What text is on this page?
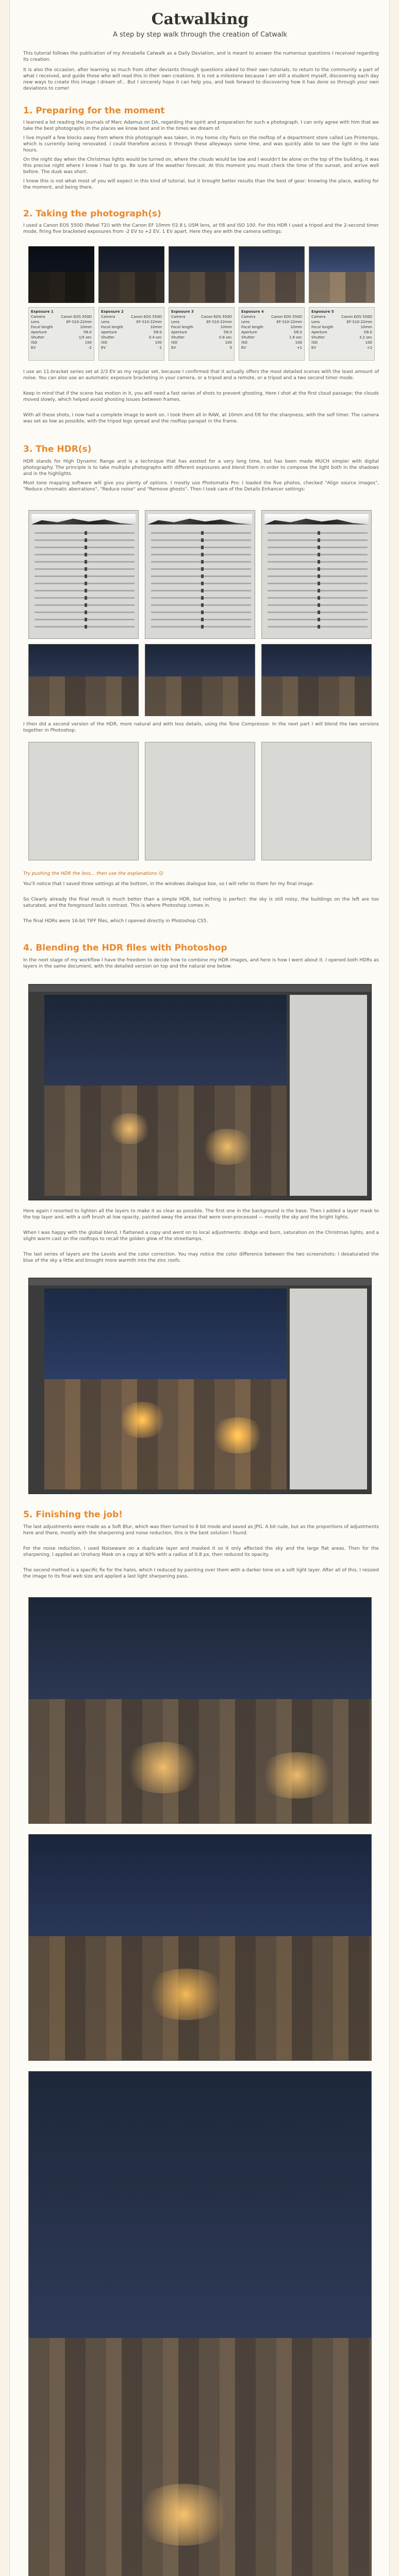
Catwalking
A step by step walk through the creation of Catwalk
This tutorial follows the publication of my Annabelle Catwalk as a Daily Deviation, and is meant to answer the numerous questions I received regarding its creation.
It is also the occasion, after learning so much from other deviants through questions asked to their own tutorials, to return to the community a part of what I received, and guide those who will read this in their own creations. It is not a milestone because I am still a student myself, discovering each day new ways to create this image I dream of... But I sincerely hope it can help you, and look forward to discovering how it has done so through your own deviations to come!
1. Preparing for the moment
I learned a lot reading the journals of Marc Adamus on DA, regarding the spirit and preparation for such a photograph. I can only agree with him that we take the best photographs in the places we know best and in the times we dream of.
I live myself a few blocks away from where this photograph was taken, in my home city Paris on the rooftop of a department store called Les Printemps, which is currently being renovated. I could therefore access it through these alleyways some time, and was quickly able to see the light in the late hours.
On the night day when the Christmas lights would be turned on, where the clouds would be low and I wouldn't be alone on the top of the building, it was this precise night where I knew I had to go. Be sure of the weather forecast. At this moment you must check the time of the sunset, and arrive well before. The dusk was short.
I knew this is not what most of you will expect in this kind of tutorial, but it brought better results than the best of gear: knowing the place, waiting for the moment, and being there.
2. Taking the photograph(s)
I used a Canon EOS 550D (Rebel T2i) with the Canon EF 10mm f/2.8 L USM lens, at f/8 and ISO 100. For this HDR I used a tripod and the 2-second timer mode, firing five bracketed exposures from -2 EV to +2 EV, 1 EV apart. Here they are with the camera settings:
I use an 11-bracket series set at 2/3 EV as my regular set, because I confirmed that it actually offers the most detailed scenes with the least amount of noise. You can also use an automatic exposure bracketing in your camera, or a tripod and a remote, or a tripod and a two second timer mode.
Keep in mind that if the scene has motion in it, you will need a fast series of shots to prevent ghosting. Here I shot at the first cloud passage; the clouds moved slowly, which helped avoid ghosting issues between frames.
With all these shots, I now had a complete image to work on. I took them all in RAW, at 10mm and f/8 for the sharpness, with the self timer. The camera was set as low as possible, with the tripod legs spread and the rooftop parapet in the frame.
3. The HDR(s)
HDR stands for High Dynamic Range and is a technique that has existed for a very long time, but has been made MUCH simpler with digital photography. The principle is to take multiple photographs with different exposures and blend them in order to compose the light both in the shadows and in the highlights.
Most tone mapping software will give you plenty of options. I mostly use Photomatix Pro: I loaded the five photos, checked "Align source images", "Reduce chromatic aberrations", "Reduce noise" and "Remove ghosts". Then I took care of the Details Enhancer settings:
I then did a second version of the HDR, more natural and with less details, using the Tone Compressor. In the next part I will blend the two versions together in Photoshop.
Try pushing the HDR the less... then use the explanations ☺
You'll notice that I saved three settings at the bottom, in the windows dialogue box, so I will refer to them for my final image.
So Clearly already the final result is much better than a simple HDR, but nothing is perfect: the sky is still noisy, the buildings on the left are too saturated, and the foreground lacks contrast. This is where Photoshop comes in.
The final HDRs were 16-bit TIFF files, which I opened directly in Photoshop CS5.
4. Blending the HDR files with Photoshop
In the next stage of my workflow I have the freedom to decide how to combine my HDR images, and here is how I went about it. I opened both HDRs as layers in the same document, with the detailed version on top and the natural one below.
Here again I resorted to lighten all the layers to make it as clear as possible. The first one in the background is the base. Then I added a layer mask to the top layer and, with a soft brush at low opacity, painted away the areas that were over-processed — mostly the sky and the bright lights.
When I was happy with the global blend, I flattened a copy and went on to local adjustments: dodge and burn, saturation on the Christmas lights, and a slight warm cast on the rooftops to recall the golden glow of the streetlamps.
The last series of layers are the Levels and the color correction. You may notice the color difference between the two screenshots: I desaturated the blue of the sky a little and brought more warmth into the zinc roofs.
5. Finishing the job!
The last adjustments were made as a Soft Blur, which was then turned to 8 bit mode and saved as JPG. A bit rude, but as the proportions of adjustments here and there, mostly with the sharpening and noise reduction, this is the best solution I found.
For the noise reduction, I used Noiseware on a duplicate layer and masked it so it only affected the sky and the large flat areas. Then for the sharpening, I applied an Unsharp Mask on a copy at 60% with a radius of 0.8 px, then reduced its opacity.
The second method is a specific fix for the halos, which I reduced by painting over them with a darker tone on a soft light layer. After all of this, I resized the image to its final web size and applied a last light sharpening pass.
Exposure 1
Camera	Canon EOS 550D
Lens	EF-S10-22mm
Focal length	10mm
Aperture	f/8.0
Shutter	1/5 sec
ISO	100
EV	-2
Exposure 2
Camera	Canon EOS 550D
Lens	EF-S10-22mm
Focal length	10mm
Aperture	f/8.0
Shutter	0.4 sec
ISO	100
EV	-1
Exposure 3
Camera	Canon EOS 550D
Lens	EF-S10-22mm
Focal length	10mm
Aperture	f/8.0
Shutter	0.8 sec
ISO	100
EV	0
Exposure 4
Camera	Canon EOS 550D
Lens	EF-S10-22mm
Focal length	10mm
Aperture	f/8.0
Shutter	1.6 sec
ISO	100
EV	+1
Exposure 5
Camera	Canon EOS 550D
Lens	EF-S10-22mm
Focal length	10mm
Aperture	f/8.0
Shutter	3.2 sec
ISO	100
EV	+2
